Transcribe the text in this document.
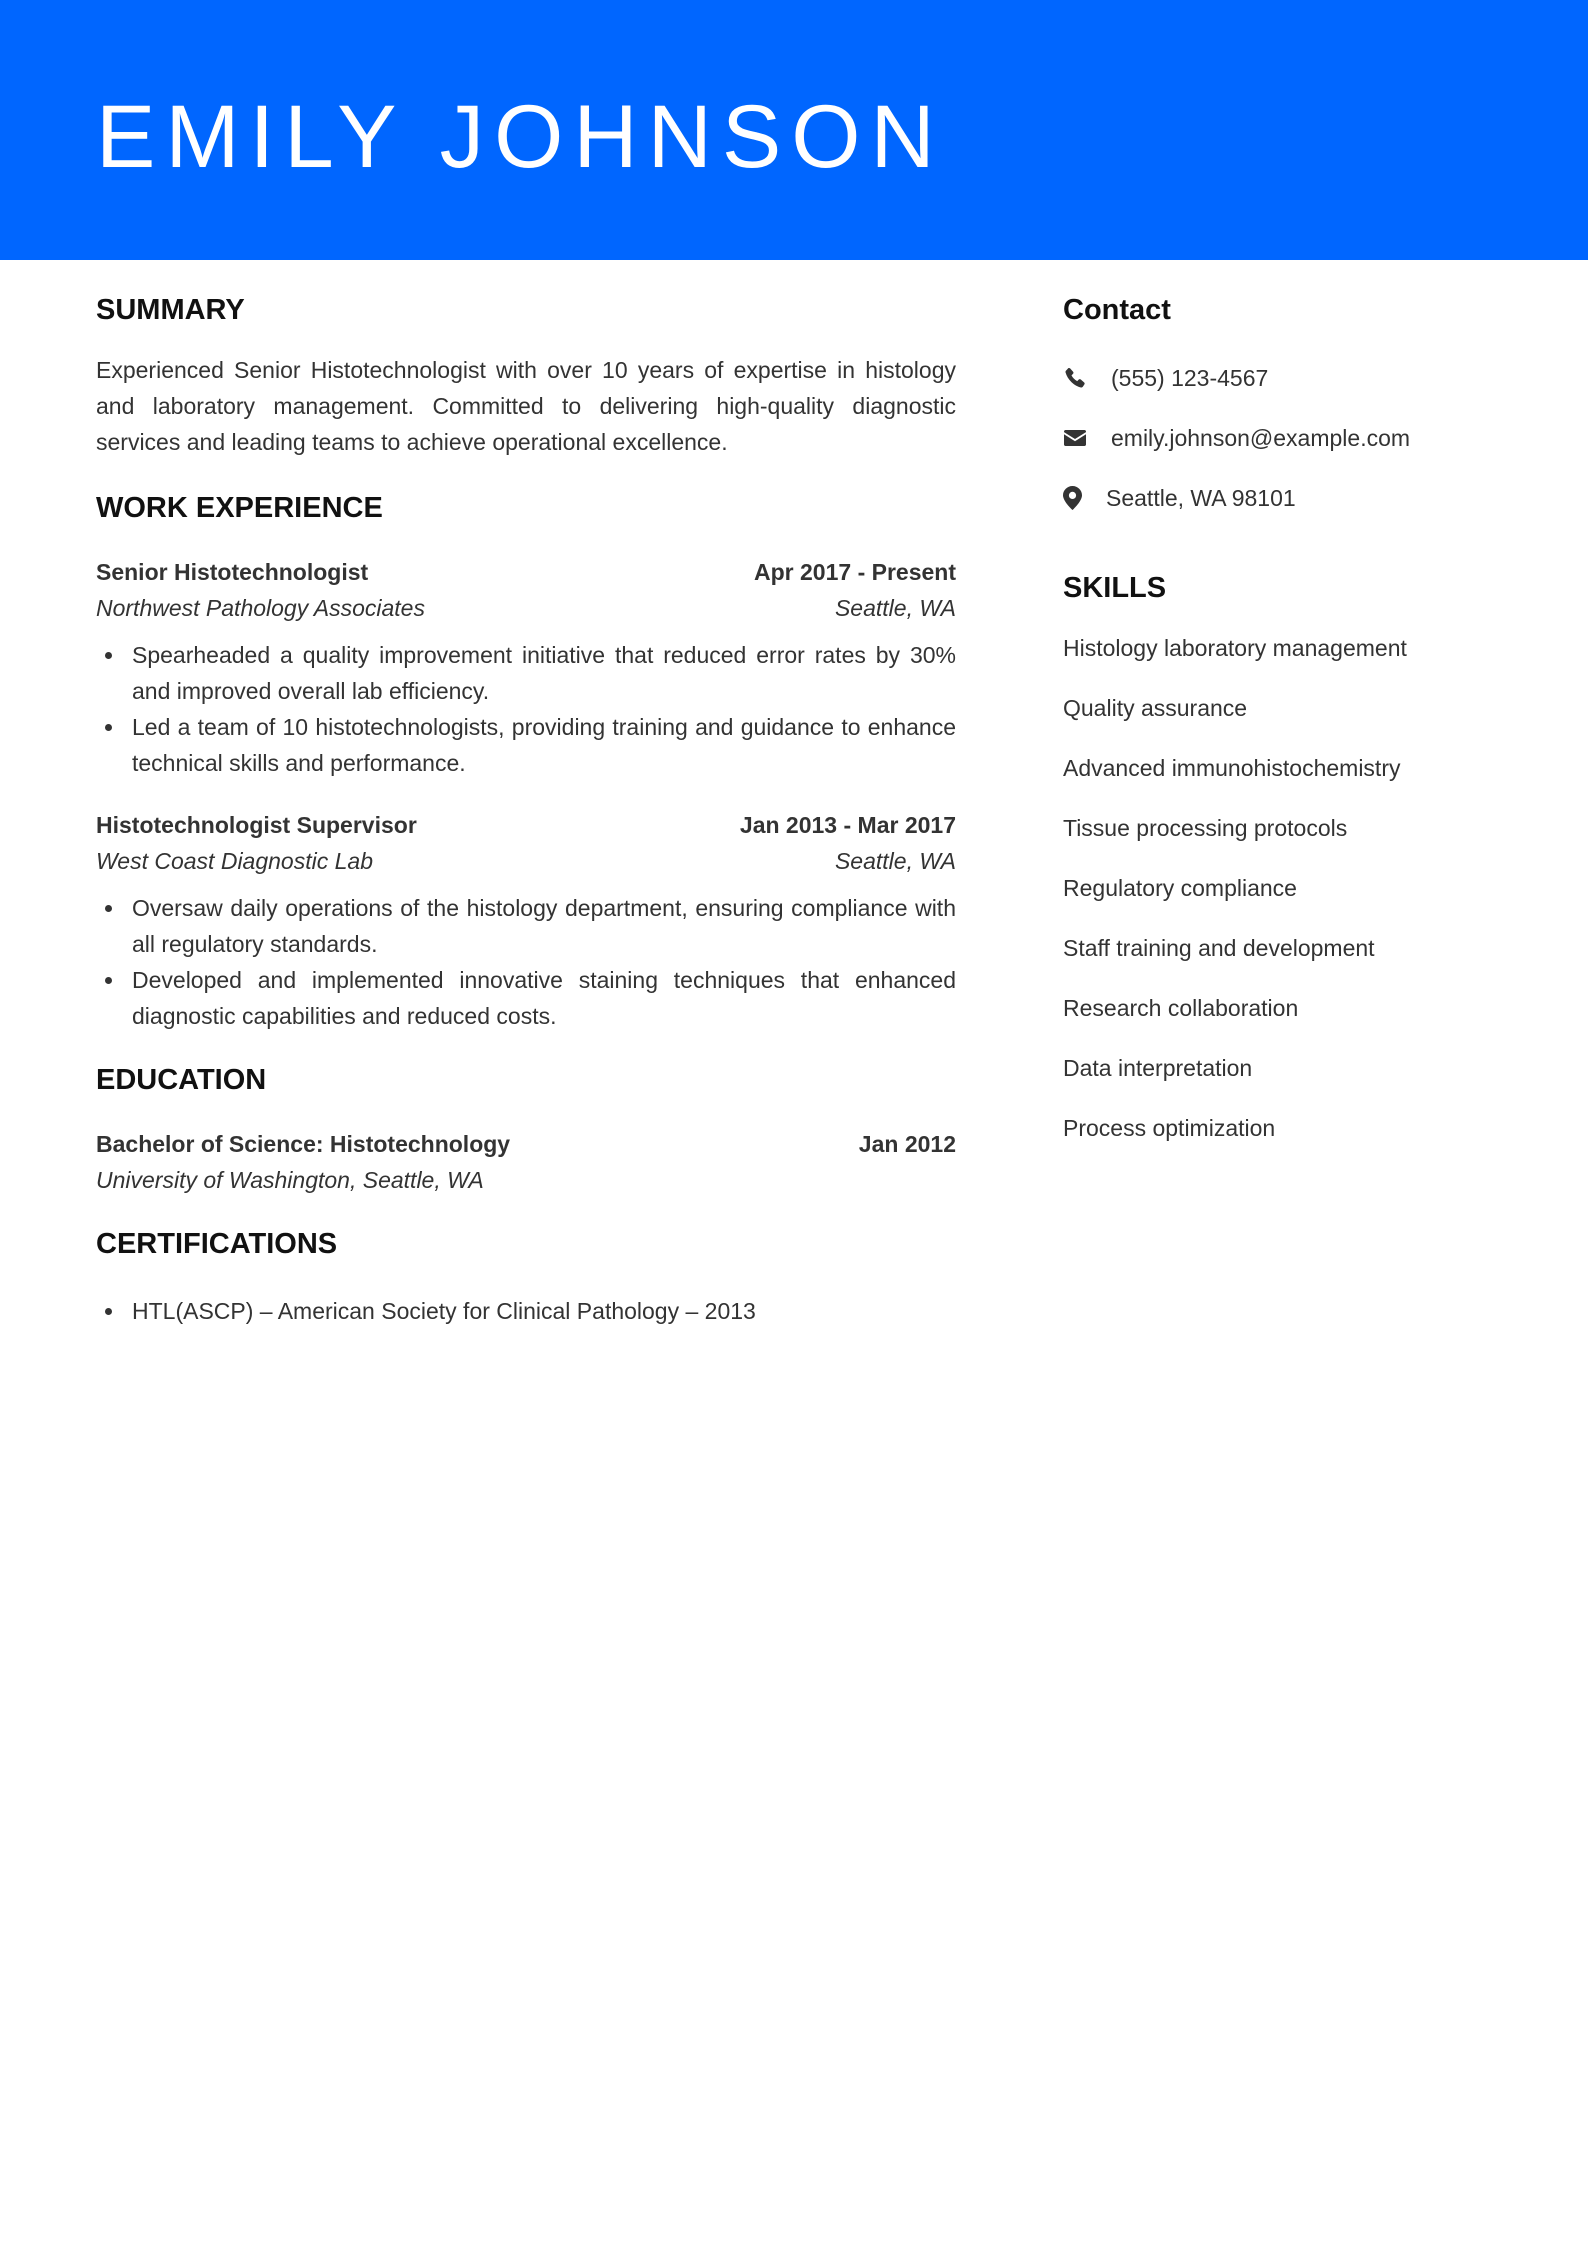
EMILY JOHNSON
SUMMARY

Experienced Senior Histotechnologist with over 10 years of expertise in histology and laboratory management. Committed to delivering high-quality diagnostic services and leading teams to achieve operational excellence.

WORK EXPERIENCE
Senior Histotechnologist	Apr 2017 - Present
Northwest Pathology Associates	Seattle, WA
Spearheaded a quality improvement initiative that reduced error rates by 30% and improved overall lab efficiency.
Led a team of 10 histotechnologists, providing training and guidance to enhance technical skills and performance.
Histotechnologist Supervisor	Jan 2013 - Mar 2017
West Coast Diagnostic Lab	Seattle, WA
Oversaw daily operations of the histology department, ensuring compliance with all regulatory standards.
Developed and implemented innovative staining techniques that enhanced diagnostic capabilities and reduced costs.
EDUCATION
Bachelor of Science: Histotechnology	Jan 2012
University of Washington, Seattle, WA
CERTIFICATIONS
HTL(ASCP) – American Society for Clinical Pathology – 2013
Contact
(555) 123-4567
emily.johnson@example.com
Seattle, WA 98101
SKILLS
Histology laboratory management
Quality assurance
Advanced immunohistochemistry
Tissue processing protocols
Regulatory compliance
Staff training and development
Research collaboration
Data interpretation
Process optimization
